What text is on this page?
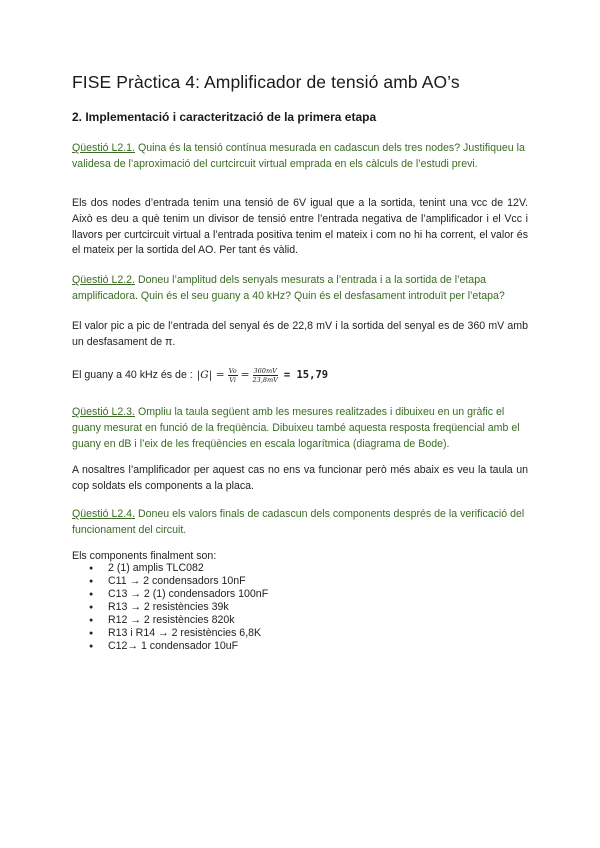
FISE Pràctica 4: Amplificador de tensió amb AO’s
2. Implementació i caracterització de la primera etapa
Qüestió L2.1. Quina és la tensió contínua mesurada en cadascun dels tres nodes? Justifiqueu la validesa de l’aproximació del curtcircuit virtual emprada en els càlculs de l’estudi previ.
Els dos nodes d’entrada tenim una tensió de 6V igual que a la sortida, tenint una vcc de 12V. Això es deu a què tenim un divisor de tensió entre l’entrada negativa de l’amplificador i el Vcc i llavors per curtcircuit virtual a l’entrada positiva tenim el mateix i com no hi ha corrent, el valor és el mateix per la sortida del AO. Per tant és vàlid.
Qüestió L2.2. Doneu l’amplitud dels senyals mesurats a l’entrada i a la sortida de l’etapa amplificadora. Quin és el seu guany a 40 kHz? Quin és el desfasament introduït per l’etapa?
El valor pic a pic de l’entrada del senyal és de 22,8 mV i la sortida del senyal es de 360 mV amb un desfasament de π.
El guany a 40 kHz és de : $|G| = \frac{Vo}{Vi} = \frac{360mV}{23,8mV} = 15,79$
Qüestió L2.3. Ompliu la taula següent amb les mesures realitzades i dibuixeu en un gràfic el guany mesurat en funció de la freqüència. Dibuixeu també aquesta resposta freqüencial amb el guany en dB i l’eix de les freqüències en escala logarítmica (diagrama de Bode).
A nosaltres l’amplificador per aquest cas no ens va funcionar però més abaix es veu la taula un cop soldats els components a la placa.
Qüestió L2.4. Doneu els valors finals de cadascun dels components després de la verificació del funcionament del circuit.
Els components finalment son:
● 2 (1) amplis TLC082
● C11 → 2 condensadors 10nF
● C13 → 2 (1) condensadors 100nF
● R13 → 2 resistències 39k
● R12 → 2 resistències 820k
● R13 i R14 → 2 resistències 6,8K
● C12→ 1 condensador 10uF
